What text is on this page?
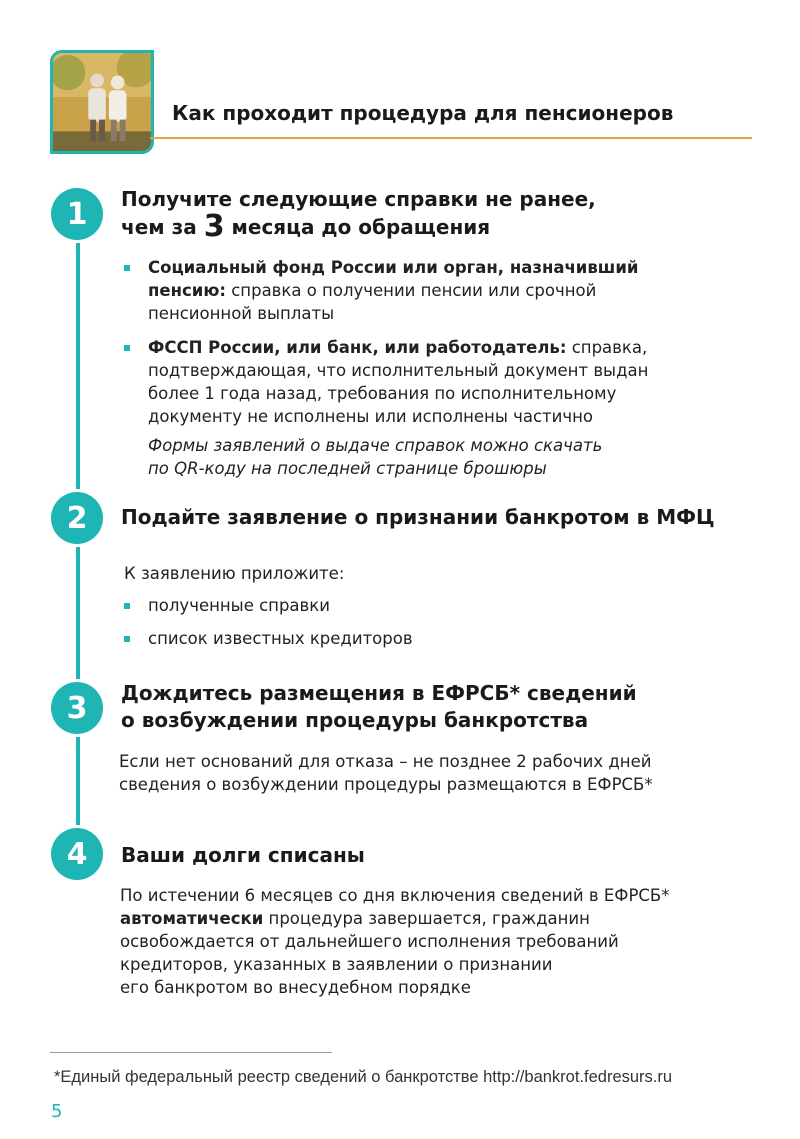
Как проходит процедура для пенсионеров
1	Получите следующие справки не ранее,
чем за 3 месяца до обращения
Социальный фонд России или орган, назначивший
пенсию: справка о получении пенсии или срочной
пенсионной выплаты
ФССП России, или банк, или работодатель: справка,
подтверждающая, что исполнительный документ выдан
более 1 года назад, требования по исполнительному
документу не исполнены или исполнены частично
Формы заявлений о выдаче справок можно скачать
по QR-коду на последней странице брошюры
2	Подайте заявление о признании банкротом в МФЦ
К заявлению приложите:
полученные справки
список известных кредиторов
3	Дождитесь размещения в ЕФРСБ* сведений
о возбуждении процедуры банкротства
Если нет оснований для отказа – не позднее 2 рабочих дней
сведения о возбуждении процедуры размещаются в ЕФРСБ*
4	Ваши долги списаны
По истечении 6 месяцев со дня включения сведений в ЕФРСБ*
автоматически процедура завершается, гражданин
освобождается от дальнейшего исполнения требований
кредиторов, указанных в заявлении о признании
его банкротом во внесудебном порядке
*Единый федеральный реестр сведений о банкротстве http://bankrot.fedresurs.ru
5
